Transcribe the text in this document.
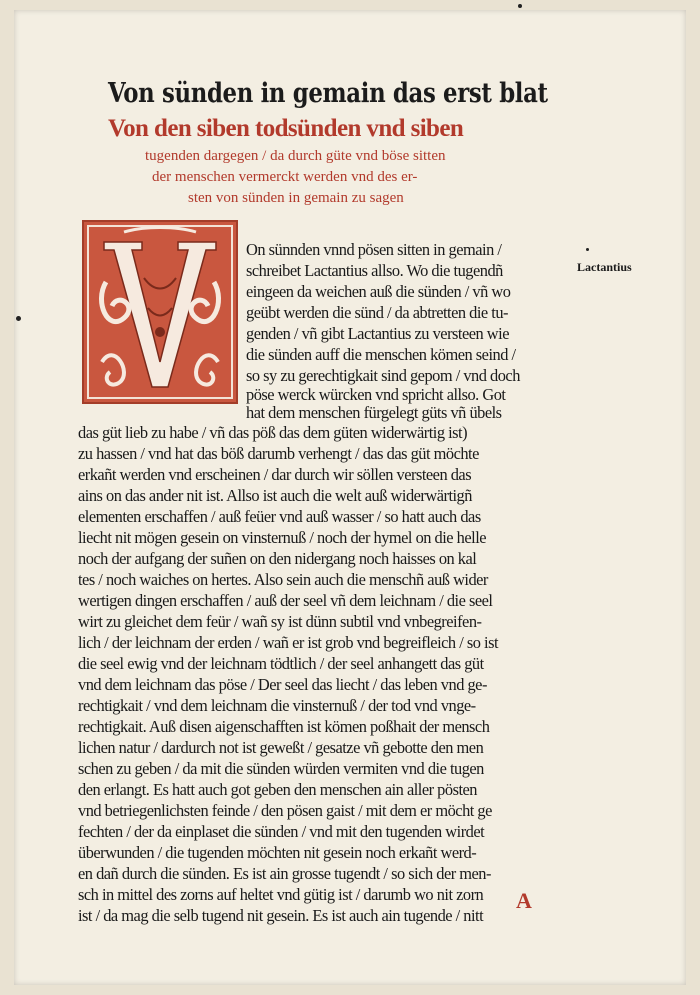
Von sünden in gemain das erst blat
Von den siben todsünden vnd siben
tugenden dargegen / da durch güte vnd böse sitten
der menschen vermerckt werden vnd des er-
sten von sünden in gemain zu sagen
Lactantius
On sünnden vnnd pösen sitten in gemain /
schreibet Lactantius allso. Wo die tugendñ
eingeen da weichen auß die sünden / vñ wo
geübt werden die sünd / da abtretten die tu-
genden / vñ gibt Lactantius zu versteen wie
die sünden auff die menschen kömen seind /
so sy zu gerechtigkait sind gepom / vnd doch
pöse werck würcken vnd spricht allso. Got
hat dem menschen fürgelegt güts vñ übels
das güt lieb zu habe / vñ das pöß das dem güten widerwärtig ist)
zu hassen / vnd hat das böß darumb verhengt / das das güt möchte
erkañt werden vnd erscheinen / dar durch wir söllen versteen das
ains on das ander nit ist. Allso ist auch die welt auß widerwärtigñ
elementen erschaffen / auß feüer vnd auß wasser / so hatt auch das
liecht nit mögen gesein on vinsternuß / noch der hymel on die helle
noch der aufgang der suñen on den nidergang noch haisses on kal
tes / noch waiches on hertes. Also sein auch die menschñ auß wider
wertigen dingen erschaffen / auß der seel vñ dem leichnam / die seel
wirt zu gleichet dem feür / wañ sy ist dünn subtil vnd vnbegreifen-
lich / der leichnam der erden / wañ er ist grob vnd begreifleich / so ist
die seel ewig vnd der leichnam tödtlich / der seel anhangett das güt
vnd dem leichnam das pöse / Der seel das liecht / das leben vnd ge-
rechtigkait / vnd dem leichnam die vinsternuß / der tod vnd vnge-
rechtigkait. Auß disen aigenschafften ist kömen poßhait der mensch
lichen natur / dardurch not ist geweßt / gesatze vñ gebotte den men
schen zu geben / da mit die sünden würden vermiten vnd die tugen
den erlangt. Es hatt auch got geben den menschen ain aller pösten
vnd betriegenlichsten feinde / den pösen gaist / mit dem er möcht ge
fechten / der da einplaset die sünden / vnd mit den tugenden wirdet
überwunden / die tugenden möchten nit gesein noch erkañt werd-
en dañ durch die sünden. Es ist ain grosse tugendt / so sich der men-
sch in mittel des zorns auf heltet vnd gütig ist / darumb wo nit zorn
ist / da mag die selb tugend nit gesein. Es ist auch ain tugende / nitt
A
